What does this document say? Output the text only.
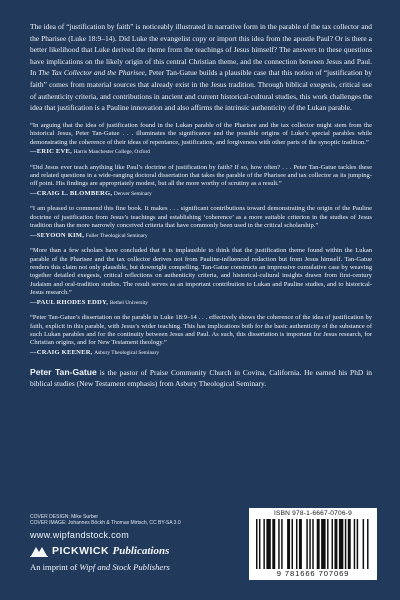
The idea of “justification by faith” is noticeably illustrated in narrative form in the parable of the tax collector and the Pharisee (Luke 18:9–14). Did Luke the evangelist copy or import this idea from the apostle Paul? Or is there a better likelihood that Luke derived the theme from the teachings of Jesus himself? The answers to these questions have implications on the likely origin of this central Christian theme, and the connection between Jesus and Paul. In The Tax Collector and the Pharisee, Peter Tan-Gatue builds a plausible case that this notion of “justification by faith” comes from material sources that already exist in the Jesus tradition. Through biblical exegesis, critical use of authenticity criteria, and contributions in ancient and current historical-cultural studies, this work challenges the idea that justification is a Pauline innovation and also affirms the intrinsic authenticity of the Lukan parable.

“In arguing that the idea of justification found in the Lukan parable of the Pharisee and the tax collector might stem from the historical Jesus, Peter Tan-Gatue . . . illuminates the significance and the possible origins of Luke’s special parables while demonstrating the coherence of their ideas of repentance, justification, and forgiveness with other parts of the synoptic tradition.”

—ERIC EVE, Harris Manchester College, Oxford

“Did Jesus ever teach anything like Paul’s doctrine of justification by faith? If so, how often? . . . Peter Tan-Gatue tackles these and related questions in a wide-ranging doctoral dissertation that takes the parable of the Pharisee and tax collector as its jumping-off point. His findings are appropriately modest, but all the more worthy of scrutiny as a result.”

—CRAIG L. BLOMBERG, Denver Seminary

“I am pleased to commend this fine book. It makes . . . significant contributions toward demonstrating the origin of the Pauline doctrine of justification from Jesus’s teachings and establishing ‘coherence’ as a more suitable criterion in the studies of Jesus tradition than the more narrowly conceived criteria that have commonly been used in the critical scholarship.”

—SEYOON KIM, Fuller Theological Seminary

“More than a few scholars have concluded that it is implausible to think that the justification theme found within the Lukan parable of the Pharisee and the tax collector derives not from Pauline-influenced redaction but from Jesus himself. Tan-Gatue renders this claim not only plausible, but downright compelling. Tan-Gatue constructs an impressive cumulative case by weaving together detailed exegesis, critical reflections on authenticity criteria, and historical-cultural insights drawn from first-century Judaism and oral-tradition studies. The result serves as an important contribution to Lukan and Pauline studies, and to historical-Jesus research.”

—PAUL RHODES EDDY, Bethel University

“Peter Tan-Gatue’s dissertation on the parable in Luke 18:9–14 . . . effectively shows the coherence of the idea of justification by faith, explicit in this parable, with Jesus’s wider teaching. This has implications both for the basic authenticity of the substance of such Lukan parables and for the continuity between Jesus and Paul. As such, this dissertation is important for Jesus research, for Christian origins, and for New Testament theology.”

—CRAIG KEENER, Asbury Theological Seminary

Peter Tan-Gatue is the pastor of Praise Community Church in Covina, California. He earned his PhD in biblical studies (New Testament emphasis) from Asbury Theological Seminary.

COVER DESIGN: Mike Surber
COVER IMAGE: Johannes Böckh & Thomas Mirtsch, CC BY-SA 3.0
www.wipfandstock.com
PICKWICK Publications
An imprint of Wipf and Stock Publishers
ISBN 978-1-6667-0706-9
9 781666 707069
